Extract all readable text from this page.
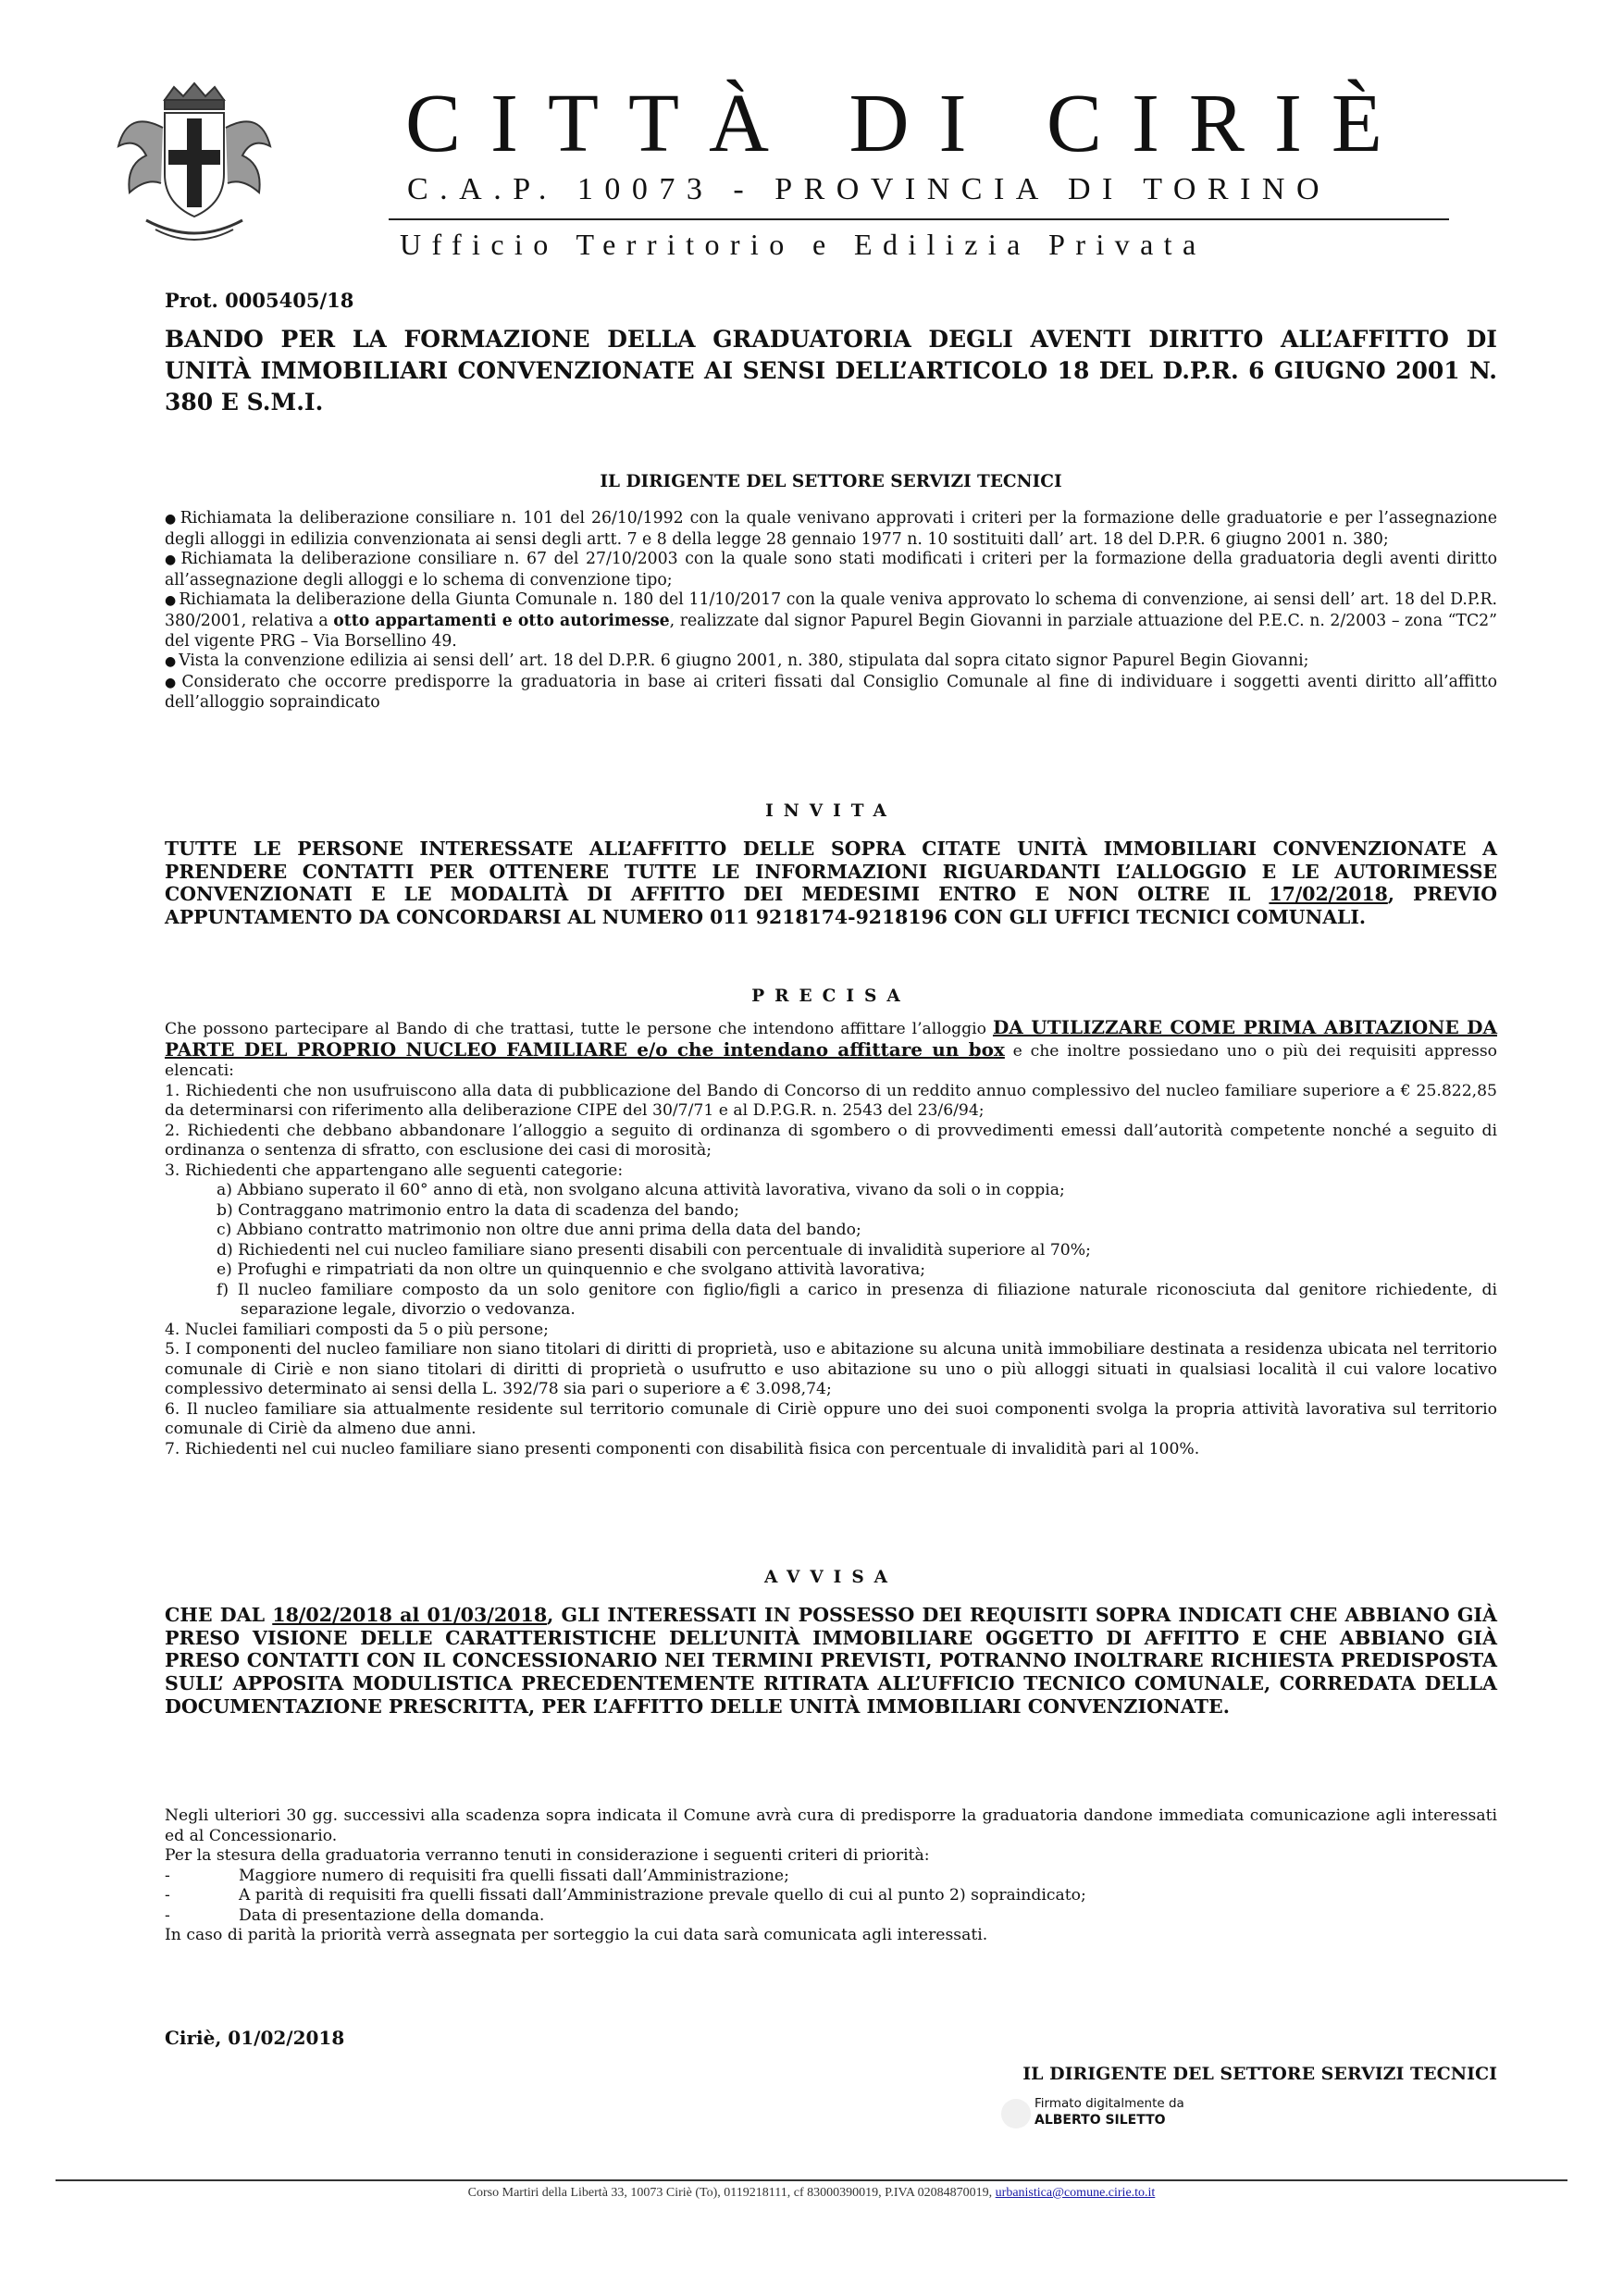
CITTÀ DI CIRIÈ
C.A.P. 10073 - PROVINCIA DI TORINO
Ufficio Territorio e Edilizia Privata
Prot. 0005405/18
BANDO PER LA FORMAZIONE DELLA GRADUATORIA DEGLI AVENTI DIRITTO ALL’AFFITTO DI UNITÀ IMMOBILIARI CONVENZIONATE AI SENSI DELL’ARTICOLO 18 DEL D.P.R. 6 GIUGNO 2001 N. 380 E S.M.I.
IL DIRIGENTE DEL SETTORE SERVIZI TECNICI
● Richiamata la deliberazione consiliare n. 101 del 26/10/1992 con la quale venivano approvati i criteri per la formazione delle graduatorie e per l’assegnazione degli alloggi in edilizia convenzionata ai sensi degli artt. 7 e 8 della legge 28 gennaio 1977 n. 10 sostituiti dall’ art. 18 del D.P.R. 6 giugno 2001 n. 380;
● Richiamata la deliberazione consiliare n. 67 del 27/10/2003 con la quale sono stati modificati i criteri per la formazione della graduatoria degli aventi diritto all’assegnazione degli alloggi e lo schema di convenzione tipo;
● Richiamata la deliberazione della Giunta Comunale n. 180 del 11/10/2017 con la quale veniva approvato lo schema di convenzione, ai sensi dell’ art. 18 del D.P.R. 380/2001, relativa a otto appartamenti e otto autorimesse, realizzate dal signor Papurel Begin Giovanni in parziale attuazione del P.E.C. n. 2/2003 – zona “TC2” del vigente PRG – Via Borsellino 49.
● Vista la convenzione edilizia ai sensi dell’ art. 18 del D.P.R. 6 giugno 2001, n. 380, stipulata dal sopra citato signor Papurel Begin Giovanni;
● Considerato che occorre predisporre la graduatoria in base ai criteri fissati dal Consiglio Comunale al fine di individuare i soggetti aventi diritto all’affitto dell’alloggio sopraindicato
INVITA
TUTTE LE PERSONE INTERESSATE ALL’AFFITTO DELLE SOPRA CITATE UNITÀ IMMOBILIARI CONVENZIONATE A PRENDERE CONTATTI PER OTTENERE TUTTE LE INFORMAZIONI RIGUARDANTI L’ALLOGGIO E LE AUTORIMESSE CONVENZIONATI E LE MODALITÀ DI AFFITTO DEI MEDESIMI ENTRO E NON OLTRE IL 17/02/2018, PREVIO APPUNTAMENTO DA CONCORDARSI AL NUMERO 011 9218174-9218196 CON GLI UFFICI TECNICI COMUNALI.
PRECISA

Che possono partecipare al Bando di che trattasi, tutte le persone che intendono affittare l’alloggio DA UTILIZZARE COME PRIMA ABITAZIONE DA PARTE DEL PROPRIO NUCLEO FAMILIARE e/o che intendano affittare un box e che inoltre possiedano uno o più dei requisiti appresso elencati:

1. Richiedenti che non usufruiscono alla data di pubblicazione del Bando di Concorso di un reddito annuo complessivo del nucleo familiare superiore a € 25.822,85 da determinarsi con riferimento alla deliberazione CIPE del 30/7/71 e al D.P.G.R. n. 2543 del 23/6/94;

2. Richiedenti che debbano abbandonare l’alloggio a seguito di ordinanza di sgombero o di provvedimenti emessi dall’autorità competente nonché a seguito di ordinanza o sentenza di sfratto, con esclusione dei casi di morosità;

3. Richiedenti che appartengano alle seguenti categorie:

a) Abbiano superato il 60° anno di età, non svolgano alcuna attività lavorativa, vivano da soli o in coppia;

b) Contraggano matrimonio entro la data di scadenza del bando;

c) Abbiano contratto matrimonio non oltre due anni prima della data del bando;

d) Richiedenti nel cui nucleo familiare siano presenti disabili con percentuale di invalidità superiore al 70%;

e) Profughi e rimpatriati da non oltre un quinquennio e che svolgano attività lavorativa;

f) Il nucleo familiare composto da un solo genitore con figlio/figli a carico in presenza di filiazione naturale riconosciuta dal genitore richiedente, di separazione legale, divorzio o vedovanza.

4. Nuclei familiari composti da 5 o più persone;

5. I componenti del nucleo familiare non siano titolari di diritti di proprietà, uso e abitazione su alcuna unità immobiliare destinata a residenza ubicata nel territorio comunale di Ciriè e non siano titolari di diritti di proprietà o usufrutto e uso abitazione su uno o più alloggi situati in qualsiasi località il cui valore locativo complessivo determinato ai sensi della L. 392/78 sia pari o superiore a € 3.098,74;

6. Il nucleo familiare sia attualmente residente sul territorio comunale di Ciriè oppure uno dei suoi componenti svolga la propria attività lavorativa sul territorio comunale di Ciriè da almeno due anni.

7. Richiedenti nel cui nucleo familiare siano presenti componenti con disabilità fisica con percentuale di invalidità pari al 100%.

AVVISA
CHE DAL 18/02/2018 al 01/03/2018, GLI INTERESSATI IN POSSESSO DEI REQUISITI SOPRA INDICATI CHE ABBIANO GIÀ PRESO VISIONE DELLE CARATTERISTICHE DELL’UNITÀ IMMOBILIARE OGGETTO DI AFFITTO E CHE ABBIANO GIÀ PRESO CONTATTI CON IL CONCESSIONARIO NEI TERMINI PREVISTI, POTRANNO INOLTRARE RICHIESTA PREDISPOSTA SULL’ APPOSITA MODULISTICA PRECEDENTEMENTE RITIRATA ALL’UFFICIO TECNICO COMUNALE, CORREDATA DELLA DOCUMENTAZIONE PRESCRITTA, PER L’AFFITTO DELLE UNITÀ IMMOBILIARI CONVENZIONATE.

Negli ulteriori 30 gg. successivi alla scadenza sopra indicata il Comune avrà cura di predisporre la graduatoria dandone immediata comunicazione agli interessati ed al Concessionario.

Per la stesura della graduatoria verranno tenuti in considerazione i seguenti criteri di priorità:

-	Maggiore numero di requisiti fra quelli fissati dall’Amministrazione;
-	A parità di requisiti fra quelli fissati dall’Amministrazione prevale quello di cui al punto 2) sopraindicato;
-	Data di presentazione della domanda.

In caso di parità la priorità verrà assegnata per sorteggio la cui data sarà comunicata agli interessati.

Ciriè, 01/02/2018
IL DIRIGENTE DEL SETTORE SERVIZI TECNICI
Firmato digitalmente da
ALBERTO SILETTO
Corso Martiri della Libertà 33, 10073 Ciriè (To), 0119218111, cf 83000390019, P.IVA 02084870019, urbanistica@comune.cirie.to.it
